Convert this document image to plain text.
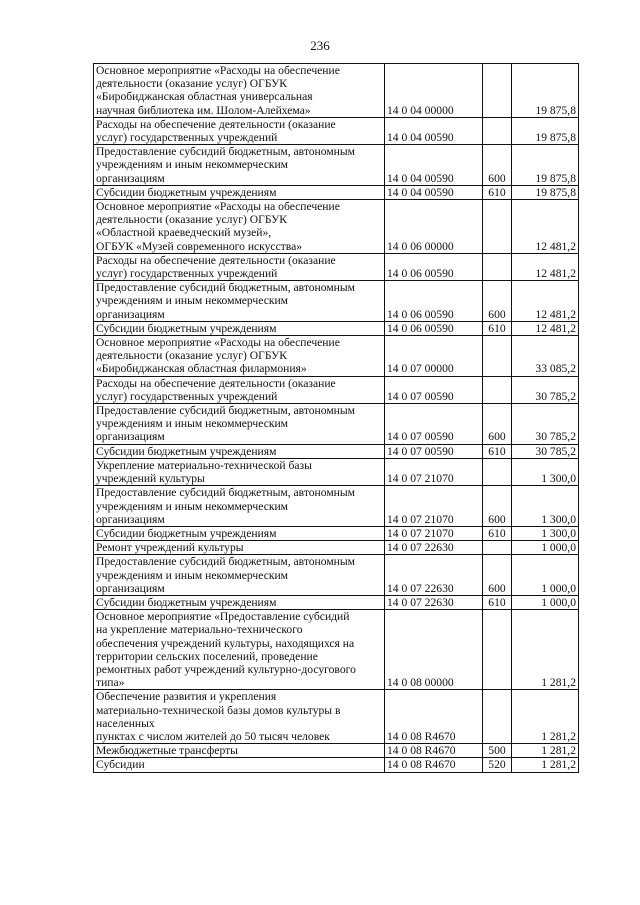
236
Основное мероприятие «Расходы на обеспечение
деятельности (оказание услуг) ОГБУК
«Биробиджанская областная универсальная
научная библиотека им. Шолом-Алейхема»	14 0 04 00000		19 875,8
Расходы на обеспечение деятельности (оказание
услуг) государственных учреждений	14 0 04 00590		19 875,8
Предоставление субсидий бюджетным, автономным
учреждениям и иным некоммерческим
организациям	14 0 04 00590	600	19 875,8
Субсидии бюджетным учреждениям	14 0 04 00590	610	19 875,8
Основное мероприятие «Расходы на обеспечение
деятельности (оказание услуг) ОГБУК
«Областной краеведческий музей»,
ОГБУК «Музей современного искусства»	14 0 06 00000		12 481,2
Расходы на обеспечение деятельности (оказание
услуг) государственных учреждений	14 0 06 00590		12 481,2
Предоставление субсидий бюджетным, автономным
учреждениям и иным некоммерческим
организациям	14 0 06 00590	600	12 481,2
Субсидии бюджетным учреждениям	14 0 06 00590	610	12 481,2
Основное мероприятие «Расходы на обеспечение
деятельности (оказание услуг) ОГБУК
«Биробиджанская областная филармония»	14 0 07 00000		33 085,2
Расходы на обеспечение деятельности (оказание
услуг) государственных учреждений	14 0 07 00590		30 785,2
Предоставление субсидий бюджетным, автономным
учреждениям и иным некоммерческим
организациям	14 0 07 00590	600	30 785,2
Субсидии бюджетным учреждениям	14 0 07 00590	610	30 785,2
Укрепление материально-технической базы
учреждений культуры	14 0 07 21070		1 300,0
Предоставление субсидий бюджетным, автономным
учреждениям и иным некоммерческим
организациям	14 0 07 21070	600	1 300,0
Субсидии бюджетным учреждениям	14 0 07 21070	610	1 300,0
Ремонт учреждений культуры	14 0 07 22630		1 000,0
Предоставление субсидий бюджетным, автономным
учреждениям и иным некоммерческим
организациям	14 0 07 22630	600	1 000,0
Субсидии бюджетным учреждениям	14 0 07 22630	610	1 000,0
Основное мероприятие «Предоставление субсидий
на укрепление материально-технического
обеспечения учреждений культуры, находящихся на
территории сельских поселений, проведение
ремонтных работ учреждений культурно-досугового типа»	14 0 08 00000		1 281,2
Обеспечение развития и укрепления
материально-технической базы домов культуры в населенных
пунктах с числом жителей до 50 тысяч человек	14 0 08 R4670		1 281,2
Межбюджетные трансферты	14 0 08 R4670	500	1 281,2
Субсидии	14 0 08 R4670	520	1 281,2
